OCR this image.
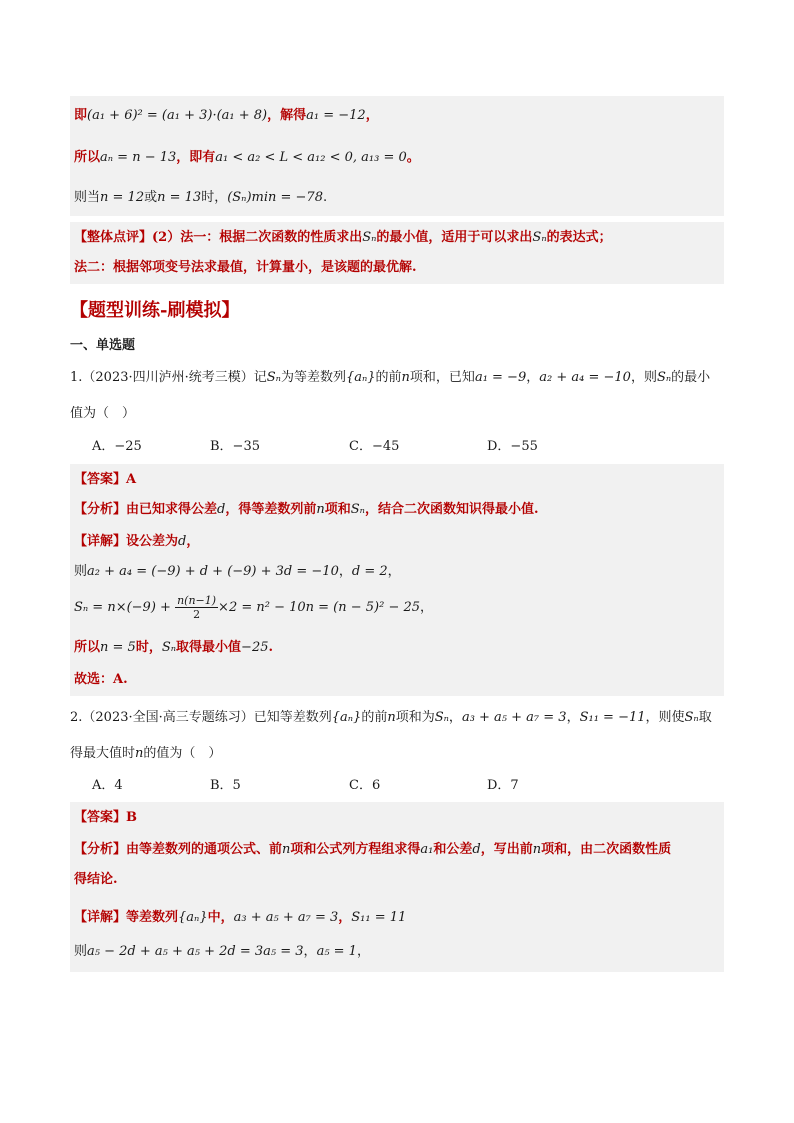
即(a₁ + 6)² = (a₁ + 3)·(a₁ + 8)，解得a₁ = −12，
所以aₙ = n − 13，即有a₁ < a₂ < L < a₁₂ < 0, a₁₃ = 0。
则当n = 12或n = 13时，(Sₙ)min = −78.
【整体点评】(2）法一：根据二次函数的性质求出Sₙ的最小值，适用于可以求出Sₙ的表达式；
法二：根据邻项变号法求最值，计算量小，是该题的最优解.
【题型训练-刷模拟】
一、单选题
1.（2023·四川泸州·统考三模）记Sₙ为等差数列{aₙ}的前n项和，已知a₁ = −9，a₂ + a₄ = −10，则Sₙ的最小
值为（　）
A．−25	B．−35	C．−45	D．−55
【答案】A
【分析】由已知求得公差d，得等差数列前n项和Sₙ，结合二次函数知识得最小值.
【详解】设公差为d，
则a₂ + a₄ = (−9) + d + (−9) + 3d = −10，d = 2，
$S_n = n\times(-9) + \frac{n(n-1)}{2} \times 2 = n^2 - 10n = (n - 5)^2 - 25$，
所以n = 5时，Sₙ取得最小值−25.
故选：A.
2.（2023·全国·高三专题练习）已知等差数列{aₙ}的前n项和为Sₙ，a₃ + a₅ + a₇ = 3，S₁₁ = −11，则使Sₙ取
得最大值时n的值为（　）
A．4	B．5	C．6	D．7
【答案】B
【分析】由等差数列的通项公式、前n项和公式列方程组求得a₁和公差d，写出前n项和，由二次函数性质
得结论.
【详解】等差数列{aₙ}中，a₃ + a₅ + a₇ = 3，S₁₁ = 11
则a₅ − 2d + a₅ + a₅ + 2d = 3a₅ = 3，a₅ = 1，
